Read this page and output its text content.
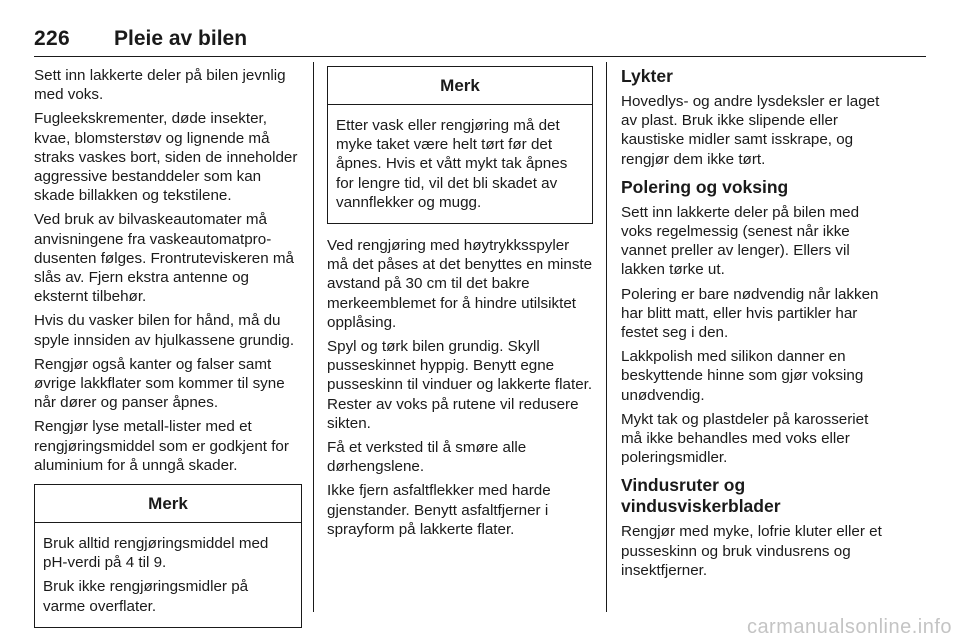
226 Pleie av bilen

Sett inn lakkerte deler på bilen jevnlig med voks.

Fugleekskrementer, døde insekter, kvae, blomsterstøv og lignende må straks vaskes bort, siden de inneholder aggressive bestanddeler som kan skade billakken og tekstilene.

Ved bruk av bilvaskeautomater må anvisningene fra vaskeautomatprodusenten følges. Frontruteviskeren må slås av. Fjern ekstra antenne og eksternt tilbehør.

Hvis du vasker bilen for hånd, må du spyle innsiden av hjulkassene grundig.

Rengjør også kanter og falser samt øvrige lakkflater som kommer til syne når dører og panser åpnes.

Rengjør lyse metall-lister med et rengjøringsmiddel som er godkjent for aluminium for å unngå skader.

Merk

Bruk alltid rengjøringsmiddel med pH-verdi på 4 til 9.

Bruk ikke rengjøringsmidler på varme overflater.

Merk

Etter vask eller rengjøring må det myke taket være helt tørt før det åpnes. Hvis et vått mykt tak åpnes for lengre tid, vil det bli skadet av vannflekker og mugg.

Ved rengjøring med høytrykksspyler må det påses at det benyttes en minste avstand på 30 cm til det bakre merkeemblemet for å hindre utilsiktet opplåsing.

Spyl og tørk bilen grundig. Skyll pusseskinnet hyppig. Benytt egne pusseskinn til vinduer og lakkerte flater. Rester av voks på rutene vil redusere sikten.

Få et verksted til å smøre alle dørhengslene.

Ikke fjern asfaltflekker med harde gjenstander. Benytt asfaltfjerner i sprayform på lakkerte flater.

Lykter

Hovedlys- og andre lysdeksler er laget av plast. Bruk ikke slipende eller kaustiske midler samt isskrape, og rengjør dem ikke tørt.

Polering og voksing

Sett inn lakkerte deler på bilen med voks regelmessig (senest når ikke vannet preller av lenger). Ellers vil lakken tørke ut.

Polering er bare nødvendig når lakken har blitt matt, eller hvis partikler har festet seg i den.

Lakkpolish med silikon danner en beskyttende hinne som gjør voksing unødvendig.

Mykt tak og plastdeler på karosseriet må ikke behandles med voks eller poleringsmidler.

Vindusruter og
vindusviskerblader

Rengjør med myke, lofrie kluter eller et pusseskinn og bruk vindusrens og insektfjerner.

carmanualsonline.info
